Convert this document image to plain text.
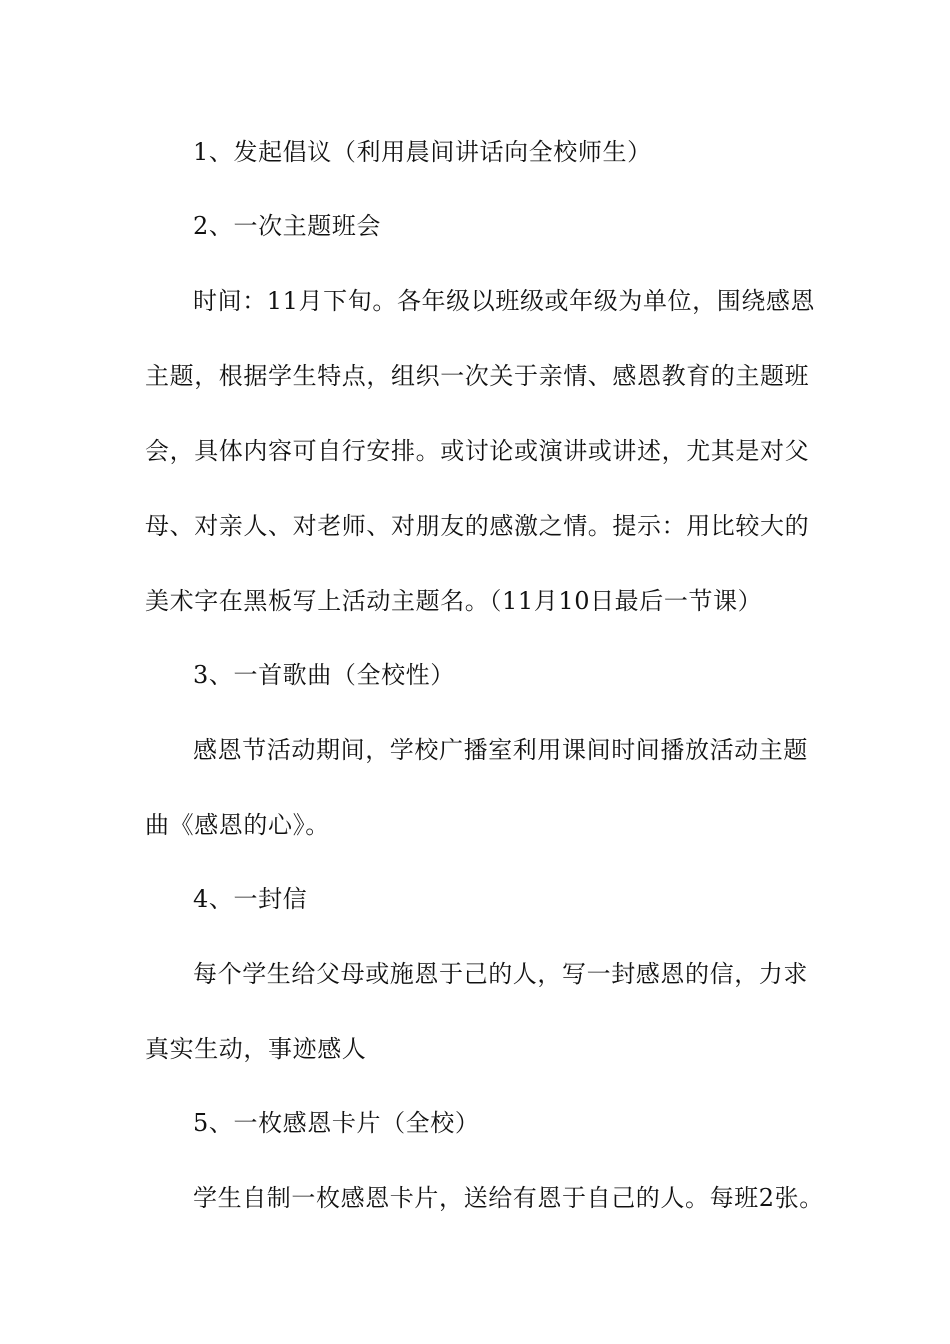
1、发起倡议（利用晨间讲话向全校师生）
2、一次主题班会
时间：11月下旬。各年级以班级或年级为单位，围绕感恩
主题，根据学生特点，组织一次关于亲情、感恩教育的主题班
会，具体内容可自行安排。或讨论或演讲或讲述，尤其是对父
母、对亲人、对老师、对朋友的感激之情。提示：用比较大的
美术字在黑板写上活动主题名。（11月10日最后一节课）
3、一首歌曲（全校性）
感恩节活动期间，学校广播室利用课间时间播放活动主题
曲《感恩的心》。
4、一封信
每个学生给父母或施恩于己的人，写一封感恩的信，力求
真实生动，事迹感人
5、一枚感恩卡片（全校）
学生自制一枚感恩卡片，送给有恩于自己的人。每班2张。
